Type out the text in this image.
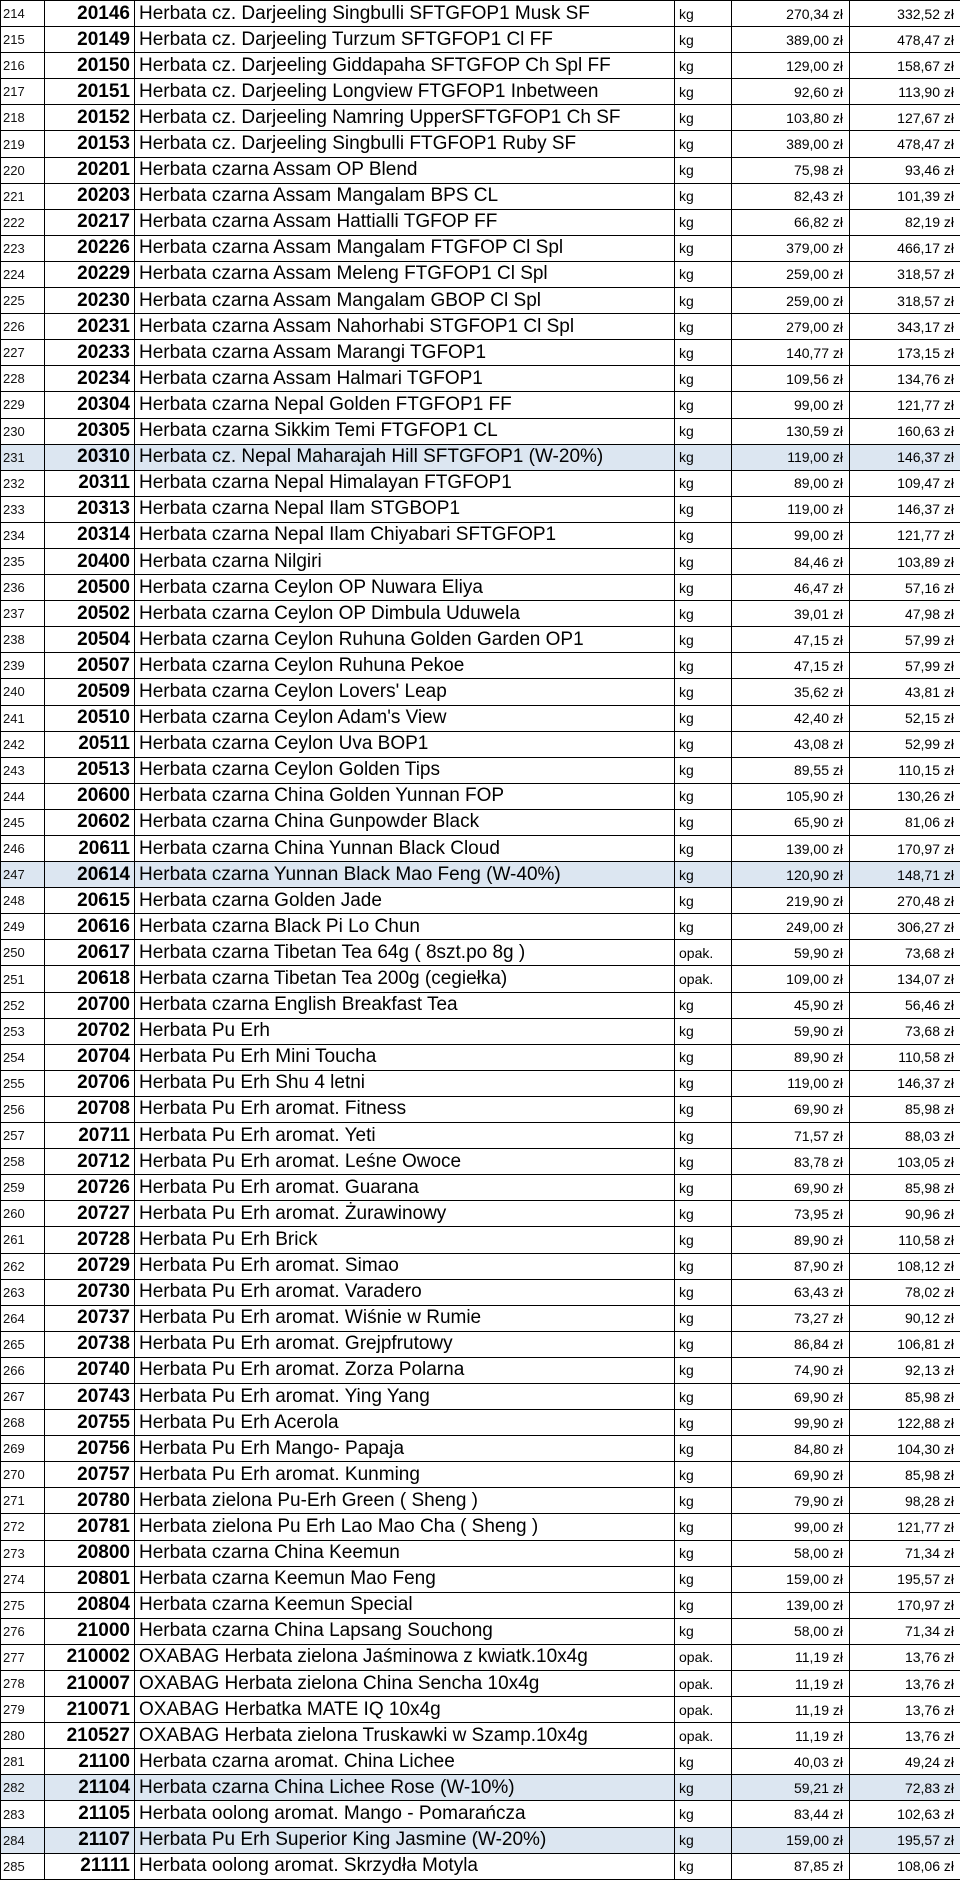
214	20146	Herbata cz. Darjeeling Singbulli SFTGFOP1 Musk SF	kg	270,34 zł	332,52 zł
215	20149	Herbata cz. Darjeeling Turzum SFTGFOP1 Cl FF	kg	389,00 zł	478,47 zł
216	20150	Herbata cz. Darjeeling Giddapaha SFTGFOP Ch Spl FF	kg	129,00 zł	158,67 zł
217	20151	Herbata cz. Darjeeling Longview FTGFOP1 Inbetween	kg	92,60 zł	113,90 zł
218	20152	Herbata cz. Darjeeling Namring UpperSFTGFOP1 Ch SF	kg	103,80 zł	127,67 zł
219	20153	Herbata cz. Darjeeling Singbulli FTGFOP1 Ruby SF	kg	389,00 zł	478,47 zł
220	20201	Herbata czarna Assam OP Blend	kg	75,98 zł	93,46 zł
221	20203	Herbata czarna Assam Mangalam BPS CL	kg	82,43 zł	101,39 zł
222	20217	Herbata czarna Assam Hattialli TGFOP FF	kg	66,82 zł	82,19 zł
223	20226	Herbata czarna Assam Mangalam FTGFOP Cl Spl	kg	379,00 zł	466,17 zł
224	20229	Herbata czarna Assam Meleng FTGFOP1 Cl Spl	kg	259,00 zł	318,57 zł
225	20230	Herbata czarna Assam Mangalam GBOP Cl Spl	kg	259,00 zł	318,57 zł
226	20231	Herbata czarna Assam Nahorhabi STGFOP1 Cl Spl	kg	279,00 zł	343,17 zł
227	20233	Herbata czarna Assam Marangi TGFOP1	kg	140,77 zł	173,15 zł
228	20234	Herbata czarna Assam Halmari TGFOP1	kg	109,56 zł	134,76 zł
229	20304	Herbata czarna Nepal Golden FTGFOP1 FF	kg	99,00 zł	121,77 zł
230	20305	Herbata czarna Sikkim Temi FTGFOP1 CL	kg	130,59 zł	160,63 zł
231	20310	Herbata cz. Nepal Maharajah Hill SFTGFOP1 (W-20%)	kg	119,00 zł	146,37 zł
232	20311	Herbata czarna Nepal Himalayan FTGFOP1	kg	89,00 zł	109,47 zł
233	20313	Herbata czarna Nepal Ilam STGBOP1	kg	119,00 zł	146,37 zł
234	20314	Herbata czarna Nepal Ilam Chiyabari SFTGFOP1	kg	99,00 zł	121,77 zł
235	20400	Herbata czarna Nilgiri	kg	84,46 zł	103,89 zł
236	20500	Herbata czarna Ceylon OP Nuwara Eliya	kg	46,47 zł	57,16 zł
237	20502	Herbata czarna Ceylon OP Dimbula Uduwela	kg	39,01 zł	47,98 zł
238	20504	Herbata czarna Ceylon Ruhuna Golden Garden OP1	kg	47,15 zł	57,99 zł
239	20507	Herbata czarna Ceylon Ruhuna Pekoe	kg	47,15 zł	57,99 zł
240	20509	Herbata czarna Ceylon Lovers' Leap	kg	35,62 zł	43,81 zł
241	20510	Herbata czarna Ceylon Adam's View	kg	42,40 zł	52,15 zł
242	20511	Herbata czarna Ceylon Uva BOP1	kg	43,08 zł	52,99 zł
243	20513	Herbata czarna Ceylon Golden Tips	kg	89,55 zł	110,15 zł
244	20600	Herbata czarna China Golden Yunnan FOP	kg	105,90 zł	130,26 zł
245	20602	Herbata czarna China Gunpowder Black	kg	65,90 zł	81,06 zł
246	20611	Herbata czarna China Yunnan Black Cloud	kg	139,00 zł	170,97 zł
247	20614	Herbata czarna Yunnan Black Mao Feng (W-40%)	kg	120,90 zł	148,71 zł
248	20615	Herbata czarna Golden Jade	kg	219,90 zł	270,48 zł
249	20616	Herbata czarna Black Pi Lo Chun	kg	249,00 zł	306,27 zł
250	20617	Herbata czarna Tibetan Tea 64g ( 8szt.po 8g )	opak.	59,90 zł	73,68 zł
251	20618	Herbata czarna Tibetan Tea 200g (cegiełka)	opak.	109,00 zł	134,07 zł
252	20700	Herbata czarna English Breakfast Tea	kg	45,90 zł	56,46 zł
253	20702	Herbata Pu Erh	kg	59,90 zł	73,68 zł
254	20704	Herbata Pu Erh Mini Toucha	kg	89,90 zł	110,58 zł
255	20706	Herbata Pu Erh Shu 4 letni	kg	119,00 zł	146,37 zł
256	20708	Herbata Pu Erh aromat. Fitness	kg	69,90 zł	85,98 zł
257	20711	Herbata Pu Erh aromat. Yeti	kg	71,57 zł	88,03 zł
258	20712	Herbata Pu Erh aromat. Leśne Owoce	kg	83,78 zł	103,05 zł
259	20726	Herbata Pu Erh aromat. Guarana	kg	69,90 zł	85,98 zł
260	20727	Herbata Pu Erh aromat. Żurawinowy	kg	73,95 zł	90,96 zł
261	20728	Herbata Pu Erh Brick	kg	89,90 zł	110,58 zł
262	20729	Herbata Pu Erh aromat. Simao	kg	87,90 zł	108,12 zł
263	20730	Herbata Pu Erh aromat. Varadero	kg	63,43 zł	78,02 zł
264	20737	Herbata Pu Erh aromat. Wiśnie w Rumie	kg	73,27 zł	90,12 zł
265	20738	Herbata Pu Erh aromat. Grejpfrutowy	kg	86,84 zł	106,81 zł
266	20740	Herbata Pu Erh aromat. Zorza Polarna	kg	74,90 zł	92,13 zł
267	20743	Herbata Pu Erh aromat. Ying Yang	kg	69,90 zł	85,98 zł
268	20755	Herbata Pu Erh Acerola	kg	99,90 zł	122,88 zł
269	20756	Herbata Pu Erh Mango- Papaja	kg	84,80 zł	104,30 zł
270	20757	Herbata Pu Erh aromat. Kunming	kg	69,90 zł	85,98 zł
271	20780	Herbata zielona Pu-Erh Green ( Sheng )	kg	79,90 zł	98,28 zł
272	20781	Herbata zielona Pu Erh Lao Mao Cha ( Sheng )	kg	99,00 zł	121,77 zł
273	20800	Herbata czarna China Keemun	kg	58,00 zł	71,34 zł
274	20801	Herbata czarna Keemun Mao Feng	kg	159,00 zł	195,57 zł
275	20804	Herbata czarna Keemun Special	kg	139,00 zł	170,97 zł
276	21000	Herbata czarna China Lapsang Souchong	kg	58,00 zł	71,34 zł
277	210002	OXABAG Herbata zielona Jaśminowa z kwiatk.10x4g	opak.	11,19 zł	13,76 zł
278	210007	OXABAG Herbata zielona China Sencha 10x4g	opak.	11,19 zł	13,76 zł
279	210071	OXABAG Herbatka MATE IQ 10x4g	opak.	11,19 zł	13,76 zł
280	210527	OXABAG Herbata zielona Truskawki w Szamp.10x4g	opak.	11,19 zł	13,76 zł
281	21100	Herbata czarna aromat. China Lichee	kg	40,03 zł	49,24 zł
282	21104	Herbata czarna China Lichee Rose (W-10%)	kg	59,21 zł	72,83 zł
283	21105	Herbata oolong aromat. Mango - Pomarańcza	kg	83,44 zł	102,63 zł
284	21107	Herbata Pu Erh Superior King Jasmine (W-20%)	kg	159,00 zł	195,57 zł
285	21111	Herbata oolong aromat. Skrzydła Motyla	kg	87,85 zł	108,06 zł
